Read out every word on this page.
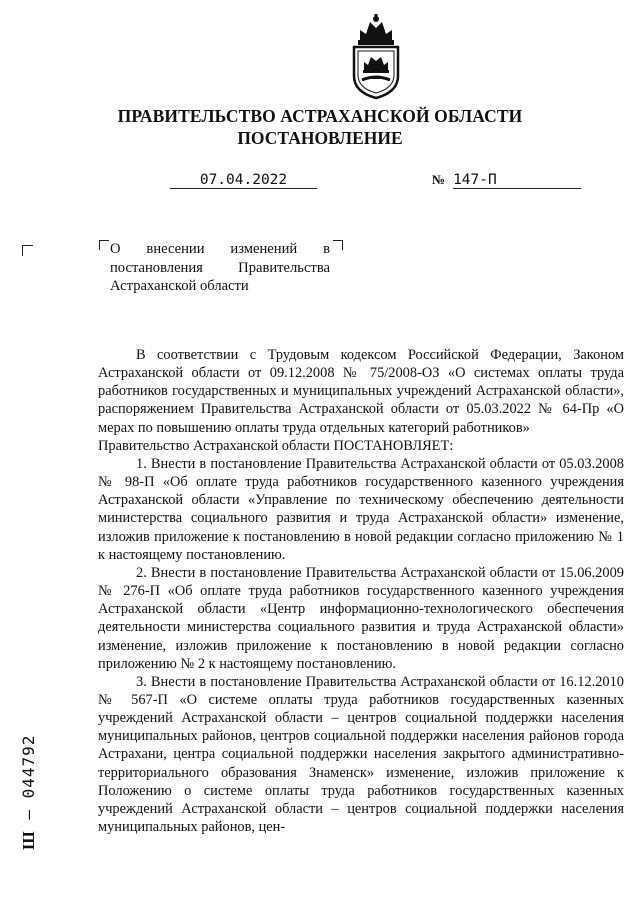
ПРАВИТЕЛЬСТВО АСТРАХАНСКОЙ ОБЛАСТИ
ПОСТАНОВЛЕНИЕ
07.04.2022	№ 147-П
О внесении изменений в постановления Правительства Астраханской области

В соответствии с Трудовым кодексом Российской Федерации, Законом Астраханской области от 09.12.2008 № 75/2008-ОЗ «О системах оплаты труда работников государственных и муниципальных учреждений Астраханской области», распоряжением Правительства Астраханской области от 05.03.2022 № 64-Пр «О мерах по повышению оплаты труда отдельных категорий работников»

Правительство Астраханской области ПОСТАНОВЛЯЕТ:

1. Внести в постановление Правительства Астраханской области от 05.03.2008 № 98-П «Об оплате труда работников государственного казенного учреждения Астраханской области «Управление по техническому обеспечению деятельности министерства социального развития и труда Астраханской области» изменение, изложив приложение к постановлению в новой редакции согласно приложению № 1 к настоящему постановлению.

2. Внести в постановление Правительства Астраханской области от 15.06.2009 № 276-П «Об оплате труда работников государственного казенного учреждения Астраханской области «Центр информационно-технологического обеспечения деятельности министерства социального развития и труда Астраханской области» изменение, изложив приложение к постановлению в новой редакции согласно приложению № 2 к настоящему постановлению.

3. Внести в постановление Правительства Астраханской области от 16.12.2010 № 567-П «О системе оплаты труда работников государственных казенных учреждений Астраханской области – центров социальной поддержки населения муниципальных районов, центров социальной поддержки населения районов города Астрахани, центра социальной поддержки населения закрытого административно-территориального образования Знаменск» изменение, изложив приложение к Положению о системе оплаты труда работников государственных казенных учреждений Астраханской области – центров социальной поддержки населения муниципальных районов, цен-

Ш – 044792
